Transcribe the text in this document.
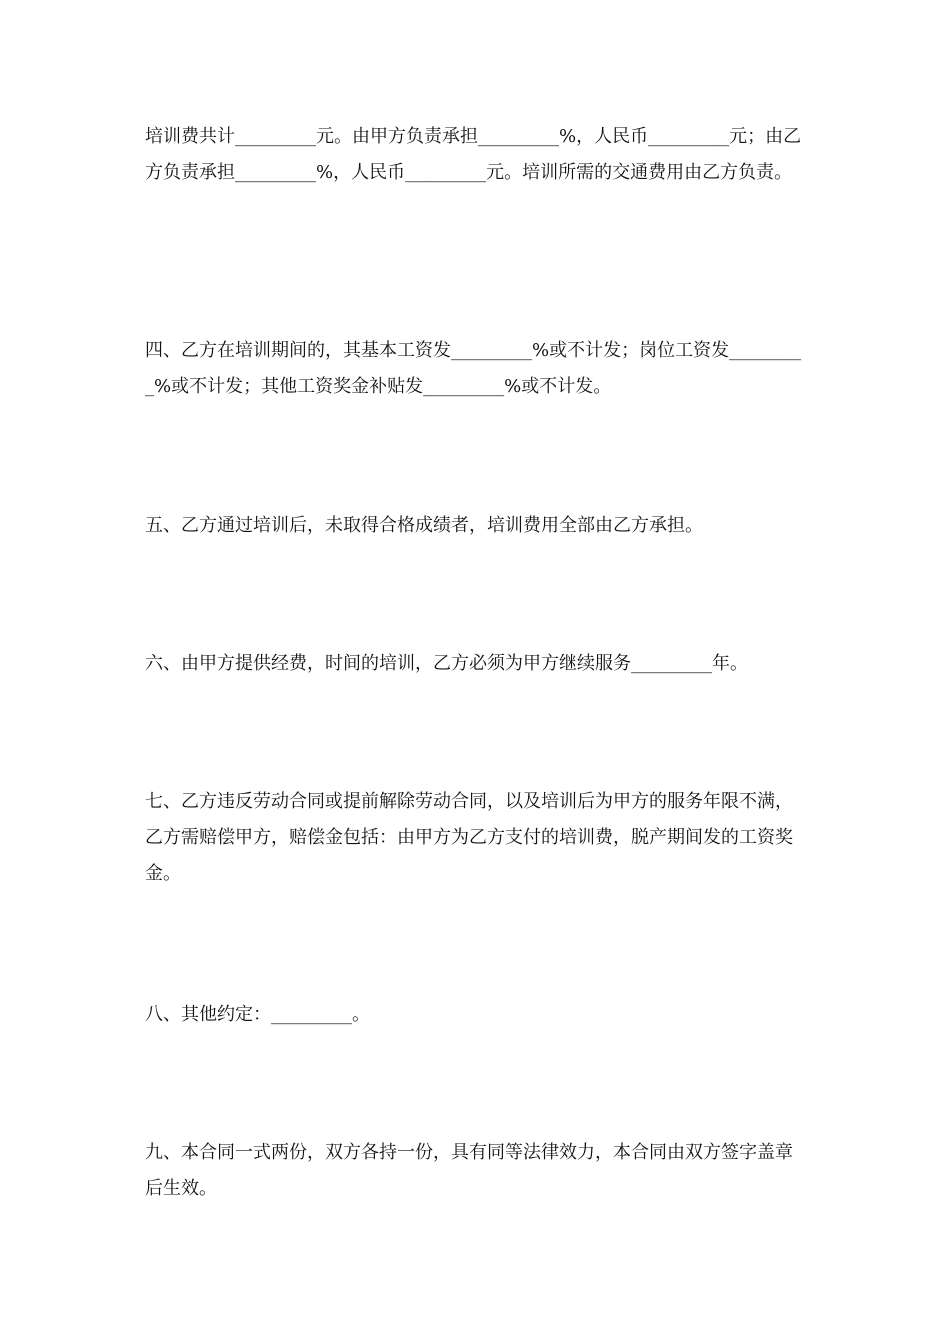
培训费共计_________元。由甲方负责承担_________%，人民币_________元；由乙方负责承担_________%，人民币_________元。培训所需的交通费用由乙方负责。

四、乙方在培训期间的，其基本工资发_________%或不计发；岗位工资发_________%或不计发；其他工资奖金补贴发_________%或不计发。

五、乙方通过培训后，未取得合格成绩者，培训费用全部由乙方承担。

六、由甲方提供经费，时间的培训，乙方必须为甲方继续服务_________年。

七、乙方违反劳动合同或提前解除劳动合同，以及培训后为甲方的服务年限不满，乙方需赔偿甲方，赔偿金包括：由甲方为乙方支付的培训费，脱产期间发的工资奖金。

八、其他约定：_________。

九、本合同一式两份，双方各持一份，具有同等法律效力，本合同由双方签字盖章后生效。
